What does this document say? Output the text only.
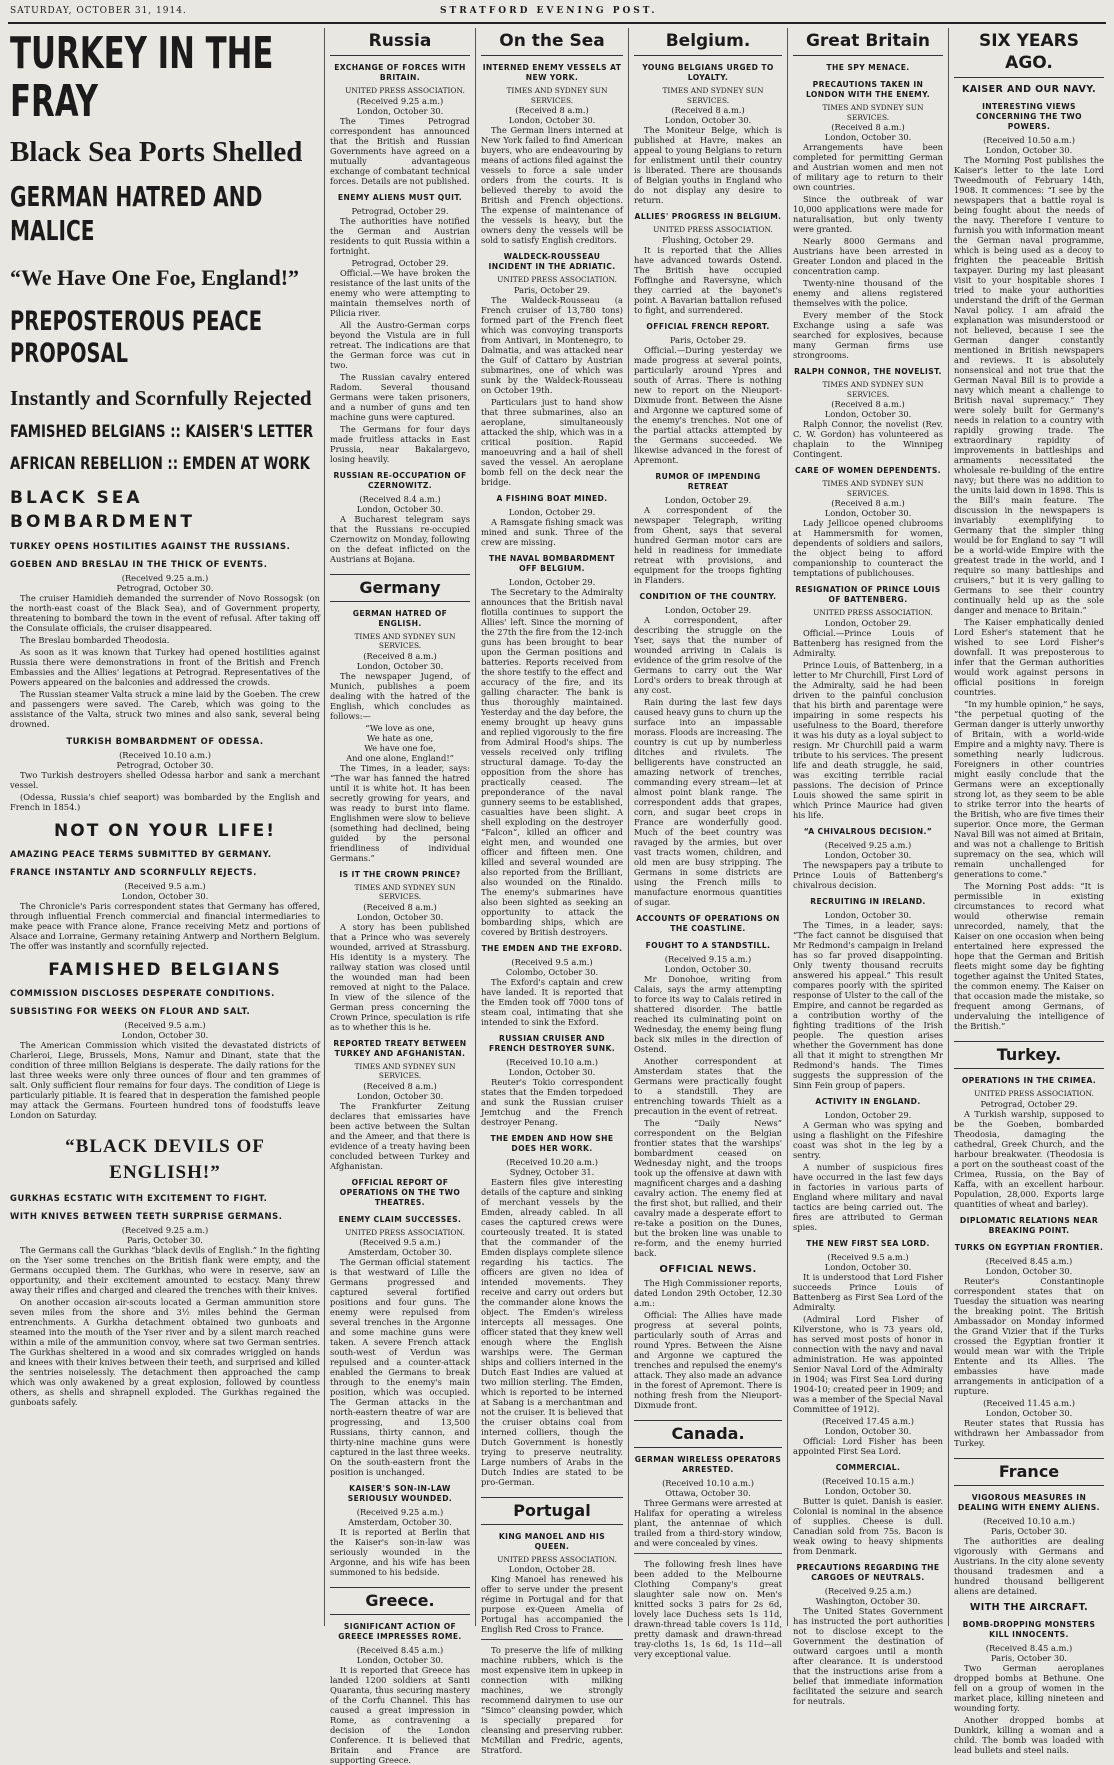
SATURDAY, OCTOBER 31, 1914.	STRATFORD EVENING POST.
TURKEY IN THE FRAY
Black Sea Ports Shelled
GERMAN HATRED AND MALICE
“We Have One Foe, England!”
PREPOSTEROUS PEACE PROPOSAL
Instantly and Scornfully Rejected
FAMISHED BELGIANS :: KAISER'S LETTER
AFRICAN REBELLION :: EMDEN AT WORK
BLACK SEA BOMBARDMENT
TURKEY OPENS HOSTILITIES AGAINST THE RUSSIANS.
GOEBEN AND BRESLAU IN THE THICK OF EVENTS.

(Received 9.25 a.m.)

Petrograd, October 30.

The cruiser Hamidieh demanded the surrender of Novo Rossogsk (on the north-east coast of the Black Sea), and of Government property, threatening to bombard the town in the event of refusal. After taking off the Consulate officials, the cruiser disappeared.

The Breslau bombarded Theodosia.

As soon as it was known that Turkey had opened hostilities against Russia there were demonstrations in front of the British and French Embassies and the Allies' legations at Petrograd. Representatives of the Powers appeared on the balconies and addressed the crowds.

The Russian steamer Valta struck a mine laid by the Goeben. The crew and passengers were saved. The Careb, which was going to the assistance of the Valta, struck two mines and also sank, several being drowned.

TURKISH BOMBARDMENT OF ODESSA.

(Received 10.10 a.m.)

Petrograd, October 30.

Two Turkish destroyers shelled Odessa harbor and sank a merchant vessel.

(Odessa, Russia's chief seaport) was bombarded by the English and French in 1854.)

NOT ON YOUR LIFE!
AMAZING PEACE TERMS SUBMITTED BY GERMANY.
FRANCE INSTANTLY AND SCORNFULLY REJECTS.

(Received 9.5 a.m.)

London, October 30.

The Chronicle's Paris correspondent states that Germany has offered, through influential French commercial and financial intermediaries to make peace with France alone, France receiving Metz and portions of Alsace and Lorraine, Germany retaining Antwerp and Northern Belgium. The offer was instantly and scornfully rejected.

FAMISHED BELGIANS
COMMISSION DISCLOSES DESPERATE CONDITIONS.
SUBSISTING FOR WEEKS ON FLOUR AND SALT.

(Received 9.5 a.m.)

London, October 30.

The American Commission which visited the devastated districts of Charleroi, Liege, Brussels, Mons, Namur and Dinant, state that the condition of three million Belgians is desperate. The daily rations for the last three weeks were only three ounces of flour and ten grammes of salt. Only sufficient flour remains for four days. The condition of Liege is particularly pitiable. It is feared that in desperation the famished people may attack the Germans. Fourteen hundred tons of foodstuffs leave London on Saturday.

“BLACK DEVILS OF ENGLISH!”
GURKHAS ECSTATIC WITH EXCITEMENT TO FIGHT.
WITH KNIVES BETWEEN TEETH SURPRISE GERMANS.

(Received 9.25 a.m.)

Paris, October 30.

The Germans call the Gurkhas “black devils of English.” In the fighting on the Yser some trenches on the British flank were empty, and the Germans occupied them. The Gurkhas, who were in reserve, saw an opportunity, and their excitement amounted to ecstacy. Many threw away their rifles and charged and cleared the trenches with their knives.

On another occasion air-scouts located a German ammunition store seven miles from the shore and 3½ miles behind the German entrenchments. A Gurkha detachment obtained two gunboats and steamed into the mouth of the Yser river and by a silent march reached within a mile of the ammunition convoy, where sat two German sentries. The Gurkhas sheltered in a wood and six comrades wriggled on hands and knees with their knives between their teeth, and surprised and killed the sentries noiselessly. The detachment then approached the camp which was only awakened by a great explosion, followed by countless others, as shells and shrapnell exploded. The Gurkhas regained the gunboats safely.

Russia
EXCHANGE OF FORCES WITH BRITAIN.

UNITED PRESS ASSOCIATION.

(Received 9.25 a.m.)

London, October 30.

The Times Petrograd correspondent has announced that the British and Russian Governments have agreed on a mutually advantageous exchange of combatant technical forces. Details are not published.

ENEMY ALIENS MUST QUIT.

Petrograd, October 29.

The authorities have notified the German and Austrian residents to quit Russia within a fortnight.

Petrograd, October 29.

Official.—We have broken the resistance of the last units of the enemy who were attempting to maintain themselves north of Pilicia river.

All the Austro-German corps beyond the Vistula are in full retreat. The indications are that the German force was cut in two.

The Russian cavalry entered Radom. Several thousand Germans were taken prisoners, and a number of guns and ten machine guns were captured.

The Germans for four days made fruitless attacks in East Prussia, near Bakalargevo, losing heavily.

RUSSIAN RE-OCCUPATION OF CZERNOWITZ.

(Received 8.4 a.m.)

London, October 30.

A Bucharest telegram says that the Russians re-occupied Czernowitz on Monday, following on the defeat inflicted on the Austrians at Bojana.

Germany
GERMAN HATRED OF ENGLISH.

TIMES AND SYDNEY SUN SERVICES.

(Received 8 a.m.)

London, October 30.

The newspaper Jugend, of Munich, publishes a poem dealing with the hatred of the English, which concludes as follows:—

“We love as one,

We hate as one,

We have one foe,

And one alone, England!”

The Times, in a leader, says: “The war has fanned the hatred until it is white hot. It has been secretly growing for years, and was ready to burst into flame. Englishmen were slow to believe (something had declined, being guided by the personal friendliness of individual Germans.”

IS IT THE CROWN PRINCE?

TIMES AND SYDNEY SUN SERVICES.

(Received 8 a.m.)

London, October 30.

A story has been published that a Prince who was severely wounded, arrived at Strassburg. His identity is a mystery. The railway station was closed until the wounded man had been removed at night to the Palace. In view of the silence of the German press concerning the Crown Prince, speculation is rife as to whether this is he.

REPORTED TREATY BETWEEN TURKEY AND AFGHANISTAN.

TIMES AND SYDNEY SUN SERVICES.

(Received 8 a.m.)

London, October 30.

The Frankfurter Zeitung declares that emissaries have been active between the Sultan and the Ameer, and that there is evidence of a treaty having been concluded between Turkey and Afghanistan.

OFFICIAL REPORT OF OPERATIONS ON THE TWO THEATRES.
ENEMY CLAIM SUCCESSES.

UNITED PRESS ASSOCIATION.

(Received 9.5 a.m.)

Amsterdam, October 30.

The German official statement is that westward of Lille the Germans progressed and captured several fortified positions and four guns. The enemy were repulsed from several trenches in the Argonne and some machine guns were taken. A severe French attack south-west of Verdun was repulsed and a counter-attack enabled the Germans to break through to the enemy's main position, which was occupied. The German attacks in the north-eastern theatre of war are progressing, and 13,500 Russians, thirty cannon, and thirty-nine machine guns were captured in the last three weeks. On the south-eastern front the position is unchanged.

KAISER'S SON-IN-LAW SERIOUSLY WOUNDED.

(Received 9.25 a.m.)

Amsterdam, October 30.

It is reported at Berlin that the Kaiser's son-in-law was seriously wounded in the Argonne, and his wife has been summoned to his bedside.

Greece.
SIGNIFICANT ACTION OF GREECE IMPRESSES ROME.

(Received 8.45 a.m.)

London, October 30.

It is reported that Greece has landed 1200 soldiers at Santi Quaranta, thus securing mastery of the Corfu Channel. This has caused a great impression in Rome, as contravening a decision of the London Conference. It is believed that Britain and France are supporting Greece.

On the Sea
INTERNED ENEMY VESSELS AT NEW YORK.

TIMES AND SYDNEY SUN SERVICES.

(Received 8 a.m.)

London, October 30.

The German liners interned at New York failed to find American buyers, who are endeavouring by means of actions filed against the vessels to force a sale under orders from the courts. It is believed thereby to avoid the British and French objections. The expense of maintenance of the vessels is heavy, but the owners deny the vessels will be sold to satisfy English creditors.

WALDECK-ROUSSEAU INCIDENT IN THE ADRIATIC.

UNITED PRESS ASSOCIATION.

Paris, October 29.

The Waldeck-Rousseau (a French cruiser of 13,780 tons) formed part of the French fleet which was convoying transports from Antivari, in Montenegro, to Dalmatia, and was attacked near the Gulf of Cattaro by Austrian submarines, one of which was sunk by the Waldeck-Rousseau on October 19th.

Particulars just to hand show that three submarines, also an aeroplane, simultaneously attacked the ship, which was in a critical position. Rapid manoeuvring and a hail of shell saved the vessel. An aeroplane bomb fell on the deck near the bridge.

A FISHING BOAT MINED.

London, October 29.

A Ramsgate fishing smack was mined and sunk. Three of the crew are missing.

THE NAVAL BOMBARDMENT OFF BELGIUM.

London, October 29.

The Secretary to the Admiralty announces that the British naval flotilla continues to support the Allies' left. Since the morning of the 27th the fire from the 12-inch guns has been brought to bear upon the German positions and batteries. Reports received from the shore testify to the effect and accuracy of the fire, and its galling character. The bank is thus thoroughly maintained. Yesterday and the day before, the enemy brought up heavy guns and replied vigorously to the fire from Admiral Hood's ships. The vessels received only trifling structural damage. To-day the opposition from the shore has practically ceased. The preponderance of the naval gunnery seems to be established, casualties have been slight. A shell exploding on the destroyer “Falcon”, killed an officer and eight men, and wounded one officer and fifteen men. One killed and several wounded are also reported from the Brilliant, also wounded on the Rinaldo. The enemy's submarines have also been sighted as seeking an opportunity to attack the bombarding ships, which are covered by British destroyers.

THE EMDEN AND THE EXFORD.

(Received 9.5 a.m.)

Colombo, October 30.

The Exford's captain and crew have landed. It is reported that the Emden took off 7000 tons of steam coal, intimating that she intended to sink the Exford.

RUSSIAN CRUISER AND FRENCH DESTROYER SUNK.

(Received 10.10 a.m.)

London, October 30.

Reuter's Tokio correspondent states that the Emden torpedoed and sunk the Russian cruiser Jemtchug and the French destroyer Penang.

THE EMDEN AND HOW SHE DOES HER WORK.

(Received 10.20 a.m.)

Sydney, October 31.

Eastern files give interesting details of the capture and sinking of merchant vessels by the Emden, already cabled. In all cases the captured crews were courteously treated. It is stated that the commander of the Emden displays complete silence regarding his tactics. The officers are given no idea of intended movements. They receive and carry out orders but the commander alone knows the object. The Emden's wireless intercepts all messages. One officer stated that they knew well enough where the English warships were. The German ships and colliers interned in the Dutch East Indies are valued at two million sterling. The Emden, which is reported to be interned at Sabang is a merchantman and not the cruiser. It is believed that the cruiser obtains coal from interned colliers, though the Dutch Government is honestly trying to preserve neutrality. Large numbers of Arabs in the Dutch Indies are stated to be pro-German.

Portugal
KING MANOEL AND HIS QUEEN.

UNITED PRESS ASSOCIATION.

London, October 28.

King Manoel has renewed his offer to serve under the present régime in Portugal and for that purpose ex-Queen Amelia of Portugal has accompanied the English Red Cross to France.

To preserve the life of milking machine rubbers, which is the most expensive item in upkeep in connection with milking machines, we strongly recommend dairymen to use our “Simco” cleansing powder, which is specially prepared for cleansing and preserving rubber. McMillan and Fredric, agents, Stratford.

Belgium.
YOUNG BELGIANS URGED TO LOYALTY.

TIMES AND SYDNEY SUN SERVICES.

(Received 8 a.m.)

London, October 30.

The Moniteur Belge, which is published at Havre, makes an appeal to young Belgians to return for enlistment until their country is liberated. There are thousands of Belgian youths in England who do not display any desire to return.

ALLIES' PROGRESS IN BELGIUM.

UNITED PRESS ASSOCIATION.

Flushing, October 29.

It is reported that the Allies have advanced towards Ostend. The British have occupied Foffinghe and Raversyne, which they carried at the bayonet's point. A Bavarian battalion refused to fight, and surrendered.

OFFICIAL FRENCH REPORT.

Paris, October 29.

Official.—During yesterday we made progress at several points, particularly around Ypres and south of Arras. There is nothing new to report on the Nieuport-Dixmude front. Between the Aisne and Argonne we captured some of the enemy's trenches. Not one of the partial attacks attempted by the Germans succeeded. We likewise advanced in the forest of Apremont.

RUMOR OF IMPENDING RETREAT

London, October 29.

A correspondent of the newspaper Telegraph, writing from Ghent, says that several hundred German motor cars are held in readiness for immediate retreat with provisions, and equipment for the troops fighting in Flanders.

CONDITION OF THE COUNTRY.

London, October 29.

A correspondent, after describing the struggle on the Yser, says that the number of wounded arriving in Calais is evidence of the grim resolve of the Germans to carry out the War Lord's orders to break through at any cost.

Rain during the last few days caused heavy guns to churn up the surface into an impassable morass. Floods are increasing. The country is cut up by numberless ditches and rivulets. The belligerents have constructed an amazing network of trenches, commanding every stream—let at almost point blank range. The correspondent adds that grapes, corn, and sugar beet crops in France are wonderfully good. Much of the beet country was ravaged by the armies, but over vast tracts women, children, and old men are busy stripping. The Germans in some districts are using the French mills to manufacture enormous quantities of sugar.

ACCOUNTS OF OPERATIONS ON THE COASTLINE.
FOUGHT TO A STANDSTILL.

(Received 9.15 a.m.)

London, October 30.

Mr Donohoe, writing from Calais, says the army attempting to force its way to Calais retired in shattered disorder. The battle reached its culminating point on Wednesday, the enemy being flung back six miles in the direction of Ostend.

Another correspondent at Amsterdam states that the Germans were practically fought to a standstill. They are entrenching towards Thielt as a precaution in the event of retreat.

The “Daily News” correspondent on the Belgian frontier states that the warships' bombardment ceased on Wednesday night, and the troops took up the offensive at dawn with magnificent charges and a dashing cavalry action. The enemy fled at the first shot, but rallied, and their cavalry made a desperate effort to re-take a position on the Dunes, but the broken line was unable to re-form, and the enemy hurried back.

OFFICIAL NEWS.

The High Commissioner reports, dated London 29th October, 12.30 a.m.:

Official: The Allies have made progress at several points, particularly south of Arras and round Ypres. Between the Aisne and Argonne we captured the trenches and repulsed the enemy's attack. They also made an advance in the forest of Apremont. There is nothing fresh from the Nieuport-Dixmude front.

Canada.
GERMAN WIRELESS OPERATORS ARRESTED.

(Received 10.10 a.m.)

Ottawa, October 30.

Three Germans were arrested at Halifax for operating a wireless plant, the antennae of which trailed from a third-story window, and were concealed by vines.

The following fresh lines have been added to the Melbourne Clothing Company's great slaughter sale now on. Men's knitted socks 3 pairs for 2s 6d, lovely lace Duchess sets 1s 11d, drawn-thread table covers 1s 11d, pretty damask and drawn-thread tray-cloths 1s, 1s 6d, 1s 11d—all very exceptional value.

Great Britain
THE SPY MENACE.
PRECAUTIONS TAKEN IN LONDON WITH THE ENEMY.

TIMES AND SYDNEY SUN SERVICES.

(Received 8 a.m.)

London, October 30.

Arrangements have been completed for permitting German and Austrian women and men not of military age to return to their own countries.

Since the outbreak of war 10,000 applications were made for naturalisation, but only twenty were granted.

Nearly 8000 Germans and Austrians have been arrested in Greater London and placed in the concentration camp.

Twenty-nine thousand of the enemy and aliens registered themselves with the police.

Every member of the Stock Exchange using a safe was searched for explosives, because many German firms use strongrooms.

RALPH CONNOR, THE NOVELIST.

TIMES AND SYDNEY SUN SERVICES.

(Received 8 a.m.)

London, October 30.

Ralph Connor, the novelist (Rev. C. W. Gordon) has volunteered as chaplain to the Winnipeg Contingent.

CARE OF WOMEN DEPENDENTS.

TIMES AND SYDNEY SUN SERVICES.

(Received 8 a.m.)

London, October 30.

Lady Jellicoe opened clubrooms at Hammersmith for women, dependents of soldiers and sailors, the object being to afford companionship to counteract the temptations of publichouses.

RESIGNATION OF PRINCE LOUIS OF BATTENBERG.

UNITED PRESS ASSOCIATION.

London, October 29.

Official.—Prince Louis of Battenberg has resigned from the Admiralty.

Prince Louis, of Battenberg, in a letter to Mr Churchill, First Lord of the Admiralty, said he had been driven to the painful conclusion that his birth and parentage were impairing in some respects his usefulness to the Board, therefore it was his duty as a loyal subject to resign. Mr Churchill paid a warm tribute to his services. The present life and death struggle, he said, was exciting terrible racial passions. The decision of Prince Louis showed the same spirit in which Prince Maurice had given his life.

“A CHIVALROUS DECISION.”

(Received 9.25 a.m.)

London, October 30.

The newspapers pay a tribute to Prince Louis of Battenberg's chivalrous decision.

RECRUITING IN IRELAND.

London, October 30.

The Times, in a leader, says: “The fact cannot be disguised that Mr Redmond's campaign in Ireland has so far proved disappointing. Only twenty thousand recruits answered his appeal.” This result compares poorly with the spirited response of Ulster to the call of the Empire, and cannot be regarded as a contribution worthy of the fighting traditions of the Irish people. The question arises whether the Government has done all that it might to strengthen Mr Redmond's hands. The Times suggests the suppression of the Sinn Fein group of papers.

ACTIVITY IN ENGLAND.

London, October 29.

A German who was spying and using a flashlight on the Fifeshire coast was shot in the leg by a sentry.

A number of suspicious fires have occurred in the last few days in factories in various parts of England where military and naval tactics are being carried out. The fires are attributed to German spies.

THE NEW FIRST SEA LORD.

(Received 9.5 a.m.)

London, October 30.

It is understood that Lord Fisher succeeds Prince Louis of Battenberg as First Sea Lord of the Admiralty.

(Admiral Lord Fisher of Kilverstone, who is 73 years old, has served most posts of honor in connection with the navy and naval administration. He was appointed Senior Naval Lord of the Admiralty in 1904; was First Sea Lord during 1904-10; created peer in 1909; and was a member of the Special Naval Committee of 1912).

(Received 17.45 a.m.)

London, October 30.

Official: Lord Fisher has been appointed First Sea Lord.

COMMERCIAL.

(Received 10.15 a.m.)

London, October 30.

Butter is quiet. Danish is easier. Colonial is nominal in the absence of supplies. Cheese is dull. Canadian sold from 75s. Bacon is weak owing to heavy shipments from Denmark.

PRECAUTIONS REGARDING THE CARGOES OF NEUTRALS.

(Received 9.25 a.m.)

Washington, October 30.

The United States Government has instructed the port authorities not to disclose except to the Government the destination of outward cargoes until a month after clearance. It is understood that the instructions arise from a belief that immediate information facilitated the seizure and search for neutrals.

SIX YEARS AGO.
KAISER AND OUR NAVY.
INTERESTING VIEWS CONCERNING THE TWO POWERS.

(Received 10.50 a.m.)

London, October 30.

The Morning Post publishes the Kaiser's letter to the late Lord Tweedmouth of February 14th, 1908. It commences: “I see by the newspapers that a battle royal is being fought about the needs of the navy. Therefore I venture to furnish you with information meant the German naval programme, which is being used as a decoy to frighten the peaceable British taxpayer. During my last pleasant visit to your hospitable shores I tried to make your authorities understand the drift of the German Naval policy. I am afraid the explanation was misunderstood or not believed, because I see the German danger constantly mentioned in British newspapers and reviews. It is absolutely nonsensical and not true that the German Naval Bill is to provide a navy which meant a challenge to British naval supremacy.” They were solely built for Germany's needs in relation to a country with rapidly growing trade. The extraordinary rapidity of improvements in battleships and armaments necessitated the wholesale re-building of the entire navy; but there was no addition to the units laid down in 1898. This is the Bill's main feature. The discussion in the newspapers is invariably exemplifying to Germany that the simpler thing would be for England to say “I will be a world-wide Empire with the greatest trade in the world, and I require so many battleships and cruisers,” but it is very galling to Germans to see their country continually held up as the sole danger and menace to Britain.”

The Kaiser emphatically denied Lord Esher's statement that he wished to see Lord Fisher's downfall. It was preposterous to infer that the German authorities would work against persons in official positions in foreign countries.

“In my humble opinion,” he says, “the perpetual quoting of the German danger is utterly unworthy of Britain, with a world-wide Empire and a mighty navy. There is something nearly ludicrous. Foreigners in other countries might easily conclude that the Germans were an exceptionally strong lot, as they seem to be able to strike terror into the hearts of the British, who are five times their superior. Once more, the German Naval Bill was not aimed at Britain, and was not a challenge to British supremacy on the sea, which will remain unchallenged for generations to come.”

The Morning Post adds: “It is permissible in existing circumstances to record what would otherwise remain unrecorded, namely, that the Kaiser on one occasion when being entertained here expressed the hope that the German and British fleets might some day be fighting together against the United States, the common enemy. The Kaiser on that occasion made the mistake, so frequent among Germans, of undervaluing the intelligence of the British.”

Turkey.
OPERATIONS IN THE CRIMEA.

UNITED PRESS ASSOCIATION.

Petrograd, October 29.

A Turkish warship, supposed to be the Goeben, bombarded Theodosia, damaging the cathedral, Greek Church, and the harbour breakwater. (Theodosia is a port on the southeast coast of the Crimea, Russia, on the Bay of Kaffa, with an excellent harbour. Population, 28,000. Exports large quantities of wheat and barley).

DIPLOMATIC RELATIONS NEAR BREAKING POINT.
TURKS ON EGYPTIAN FRONTIER.

(Received 8.45 a.m.)

London, October 30.

Reuter's Constantinople correspondent states that on Tuesday the situation was nearing the breaking point. The British Ambassador on Monday informed the Grand Vizier that if the Turks crossed the Egyptian frontier it would mean war with the Triple Entente and its Allies. The embassies have made arrangements in anticipation of a rupture.

(Received 11.45 a.m.)

London, October 30.

Reuter states that Russia has withdrawn her Ambassador from Turkey.

France
VIGOROUS MEASURES IN DEALING WITH ENEMY ALIENS.

(Received 10.10 a.m.)

Paris, October 30.

The authorities are dealing vigorously with Germans and Austrians. In the city alone seventy thousand tradesmen and a hundred thousand belligerent aliens are detained.

WITH THE AIRCRAFT.
BOMB-DROPPING MONSTERS KILL INNOCENTS.

(Received 8.45 a.m.)

Paris, October 30.

Two German aeroplanes dropped bombs at Bethune. One fell on a group of women in the market place, killing nineteen and wounding forty.

Another dropped bombs at Dunkirk, killing a woman and a child. The bomb was loaded with lead bullets and steel nails.
